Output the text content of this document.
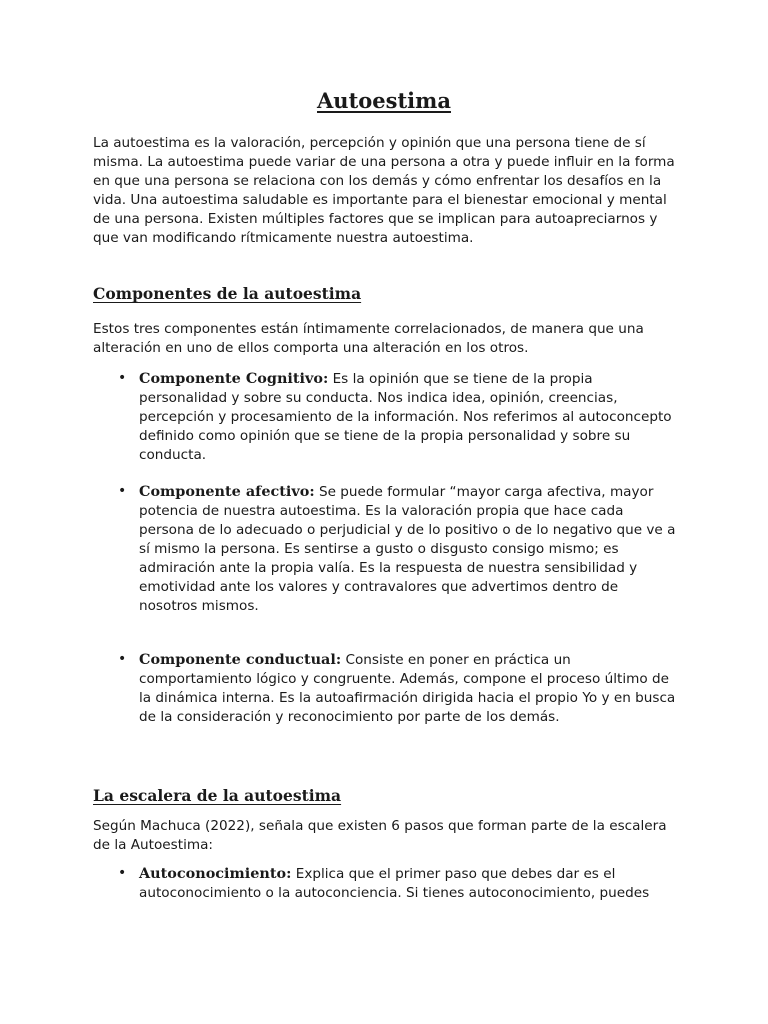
Autoestima

La autoestima es la valoración, percepción y opinión que una persona tiene de sí misma. La autoestima puede variar de una persona a otra y puede influir en la forma en que una persona se relaciona con los demás y cómo enfrentar los desafíos en la vida. Una autoestima saludable es importante para el bienestar emocional y mental de una persona. Existen múltiples factores que se implican para autoapreciarnos y que van modificando rítmicamente nuestra autoestima.

Componentes de la autoestima

Estos tres componentes están íntimamente correlacionados, de manera que una alteración en uno de ellos comporta una alteración en los otros.

• Componente Cognitivo: Es la opinión que se tiene de la propia personalidad y sobre su conducta. Nos indica idea, opinión, creencias, percepción y procesamiento de la información. Nos referimos al autoconcepto definido como opinión que se tiene de la propia personalidad y sobre su conducta.
• Componente afectivo: Se puede formular “mayor carga afectiva, mayor potencia de nuestra autoestima. Es la valoración propia que hace cada persona de lo adecuado o perjudicial y de lo positivo o de lo negativo que ve a sí mismo la persona. Es sentirse a gusto o disgusto consigo mismo; es admiración ante la propia valía. Es la respuesta de nuestra sensibilidad y emotividad ante los valores y contravalores que advertimos dentro de nosotros mismos.
• Componente conductual: Consiste en poner en práctica un comportamiento lógico y congruente. Además, compone el proceso último de la dinámica interna. Es la autoafirmación dirigida hacia el propio Yo y en busca de la consideración y reconocimiento por parte de los demás.
La escalera de la autoestima

Según Machuca (2022), señala que existen 6 pasos que forman parte de la escalera de la Autoestima:

• Autoconocimiento: Explica que el primer paso que debes dar es el autoconocimiento o la autoconciencia. Si tienes autoconocimiento, puedes
